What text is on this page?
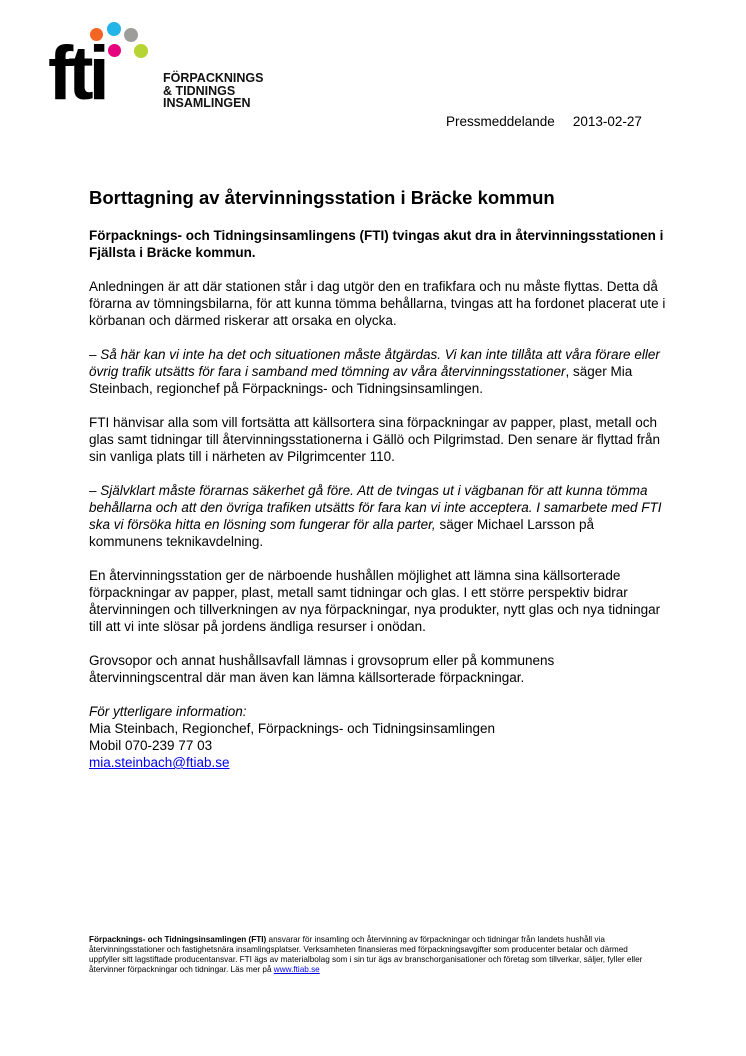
fti	FÖRPACKNINGS
& TIDNINGS
INSAMLINGEN
Pressmeddelande 2013-02-27
Borttagning av återvinningsstation i Bräcke kommun
Förpacknings- och Tidningsinsamlingens (FTI) tvingas akut dra in återvinningsstationen i Fjällsta i Bräcke kommun.

Anledningen är att där stationen står i dag utgör den en trafikfara och nu måste flyttas. Detta då förarna av tömningsbilarna, för att kunna tömma behållarna, tvingas att ha fordonet placerat ute i körbanan och därmed riskerar att orsaka en olycka.

– Så här kan vi inte ha det och situationen måste åtgärdas. Vi kan inte tillåta att våra förare eller övrig trafik utsätts för fara i samband med tömning av våra återvinningsstationer, säger Mia Steinbach, regionchef på Förpacknings- och Tidningsinsamlingen.

FTI hänvisar alla som vill fortsätta att källsortera sina förpackningar av papper, plast, metall och glas samt tidningar till återvinningsstationerna i Gällö och Pilgrimstad. Den senare är flyttad från sin vanliga plats till i närheten av Pilgrimcenter 110.

– Självklart måste förarnas säkerhet gå före. Att de tvingas ut i vägbanan för att kunna tömma behållarna och att den övriga trafiken utsätts för fara kan vi inte acceptera. I samarbete med FTI ska vi försöka hitta en lösning som fungerar för alla parter, säger Michael Larsson på kommunens teknikavdelning.

En återvinningsstation ger de närboende hushållen möjlighet att lämna sina källsorterade förpackningar av papper, plast, metall samt tidningar och glas. I ett större perspektiv bidrar återvinningen och tillverkningen av nya förpackningar, nya produkter, nytt glas och nya tidningar till att vi inte slösar på jordens ändliga resurser i onödan.

Grovsopor och annat hushållsavfall lämnas i grovsoprum eller på kommunens återvinningscentral där man även kan lämna källsorterade förpackningar.

För ytterligare information:
Mia Steinbach, Regionchef, Förpacknings- och Tidningsinsamlingen
Mobil 070-239 77 03
mia.steinbach@ftiab.se
Förpacknings- och Tidningsinsamlingen (FTI) ansvarar för insamling och återvinning av förpackningar och tidningar från landets hushåll via återvinningsstationer och fastighetsnära insamlingsplatser. Verksamheten finansieras med förpackningsavgifter som producenter betalar och därmed uppfyller sitt lagstiftade producentansvar. FTI ägs av materialbolag som i sin tur ägs av branschorganisationer och företag som tillverkar, säljer, fyller eller återvinner förpackningar och tidningar. Läs mer på www.ftiab.se
